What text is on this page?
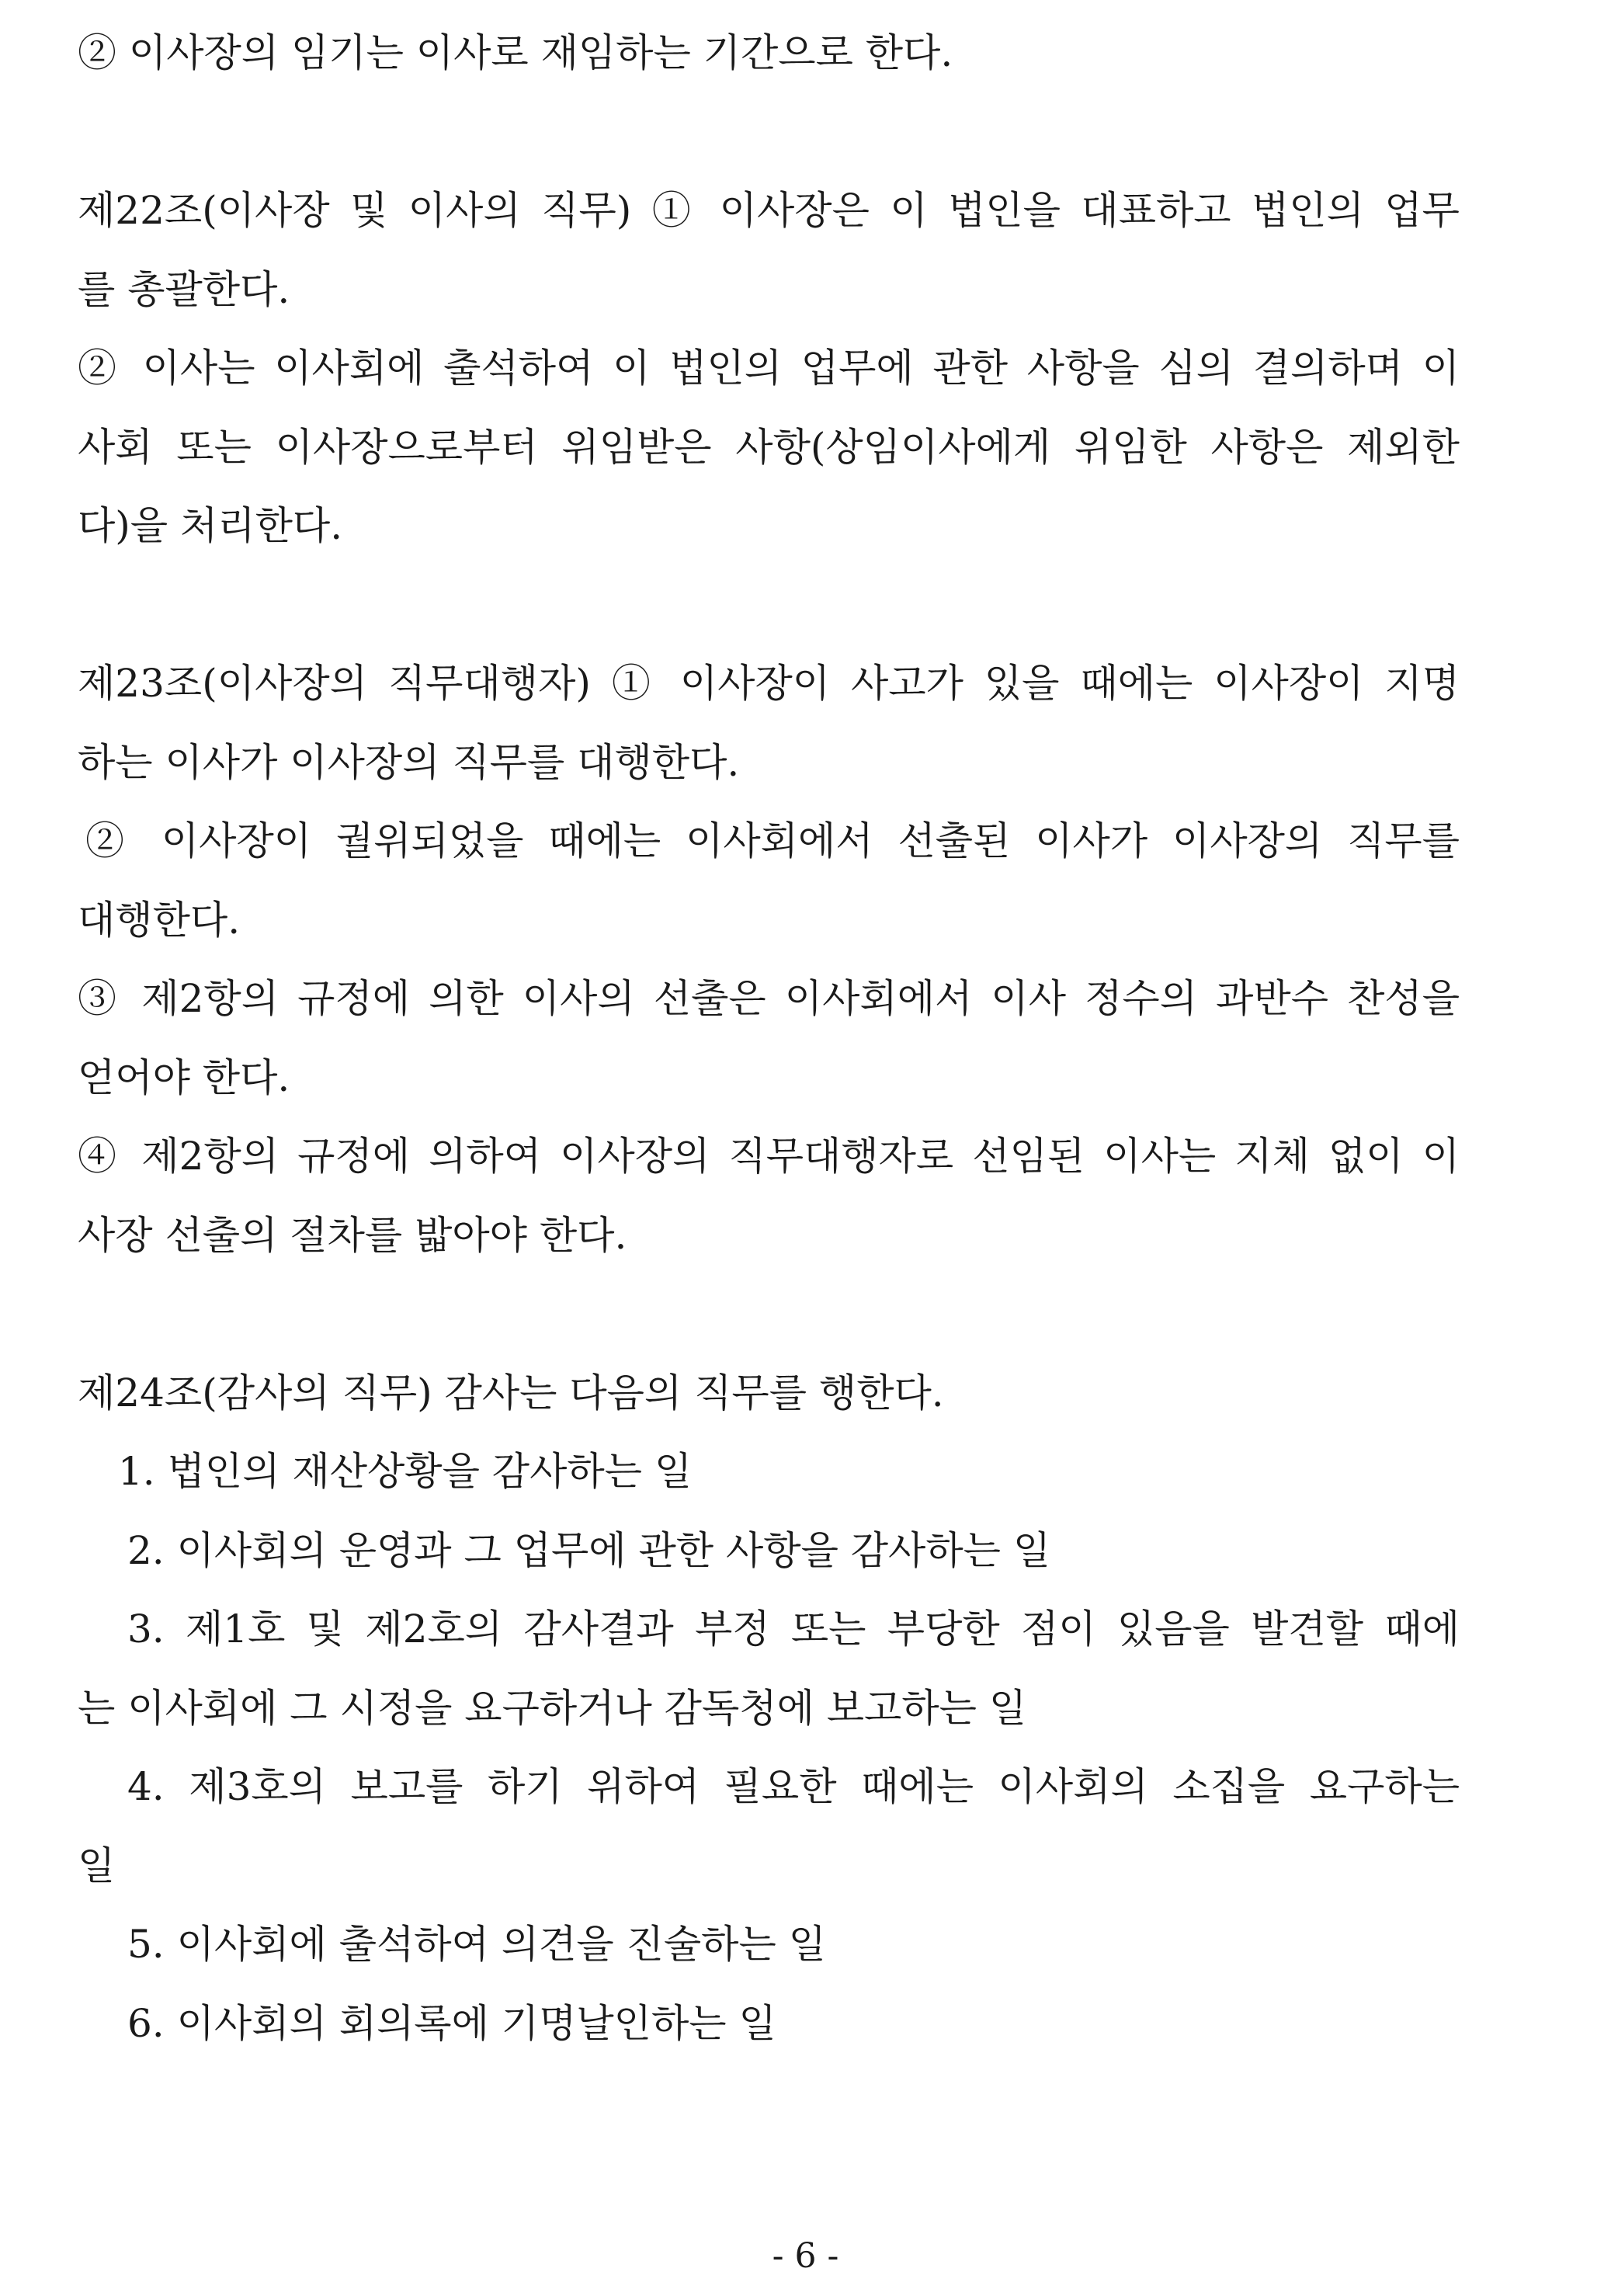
② 이사장의 임기는 이사로 재임하는 기간으로 한다.
제22조(이사장 및 이사의 직무) ① 이사장은 이 법인을 대표하고 법인의 업무
를 총괄한다.
② 이사는 이사회에 출석하여 이 법인의 업무에 관한 사항을 심의 결의하며 이
사회 또는 이사장으로부터 위임받은 사항(상임이사에게 위임한 사항은 제외한
다)을 처리한다.
제23조(이사장의 직무대행자) ① 이사장이 사고가 있을 때에는 이사장이 지명
하는 이사가 이사장의 직무를 대행한다.
② 이사장이 궐위되었을 때에는 이사회에서 선출된 이사가 이사장의 직무를
대행한다.
③ 제2항의 규정에 의한 이사의 선출은 이사회에서 이사 정수의 과반수 찬성을
얻어야 한다.
④ 제2항의 규정에 의하여 이사장의 직무대행자로 선임된 이사는 지체 없이 이
사장 선출의 절차를 밟아야 한다.
제24조(감사의 직무) 감사는 다음의 직무를 행한다.
1. 법인의 재산상황을 감사하는 일
2. 이사회의 운영과 그 업무에 관한 사항을 감사하는 일
3. 제1호 및 제2호의 감사결과 부정 또는 부당한 점이 있음을 발견할 때에
는 이사회에 그 시정을 요구하거나 감독청에 보고하는 일
4. 제3호의 보고를 하기 위하여 필요한 때에는 이사회의 소집을 요구하는
일
5. 이사회에 출석하여 의견을 진술하는 일
6. 이사회의 회의록에 기명날인하는 일
- 6 -
